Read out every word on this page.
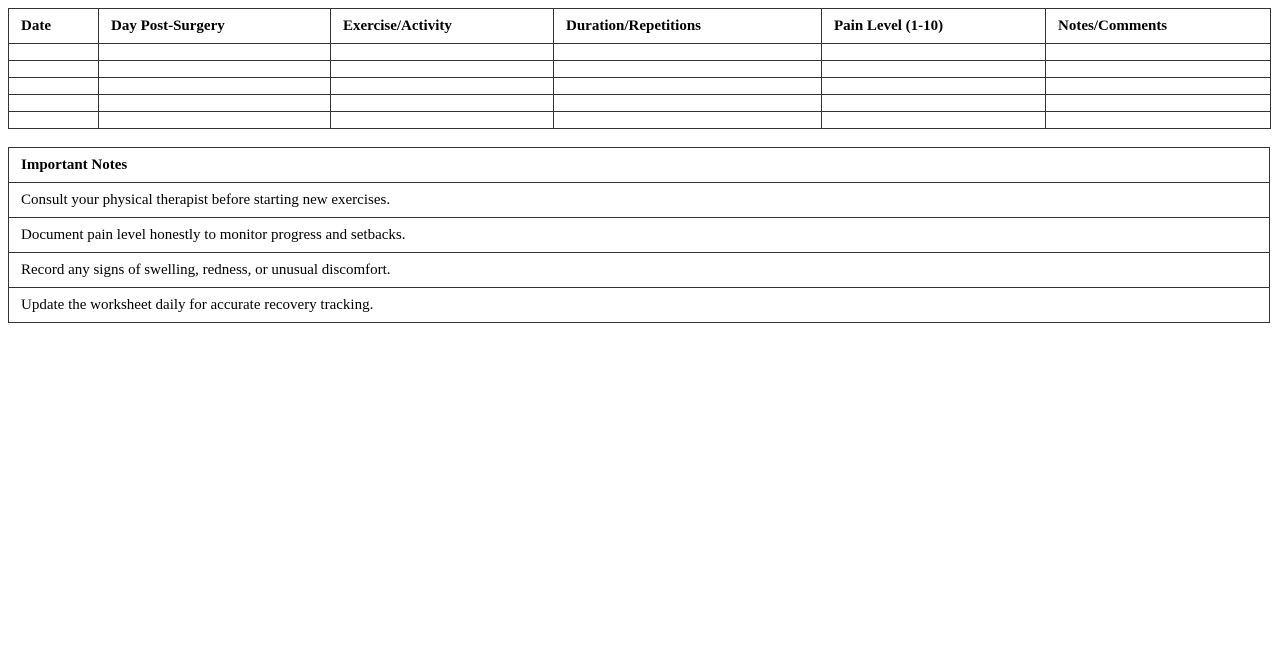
Date	Day Post-Surgery	Exercise/Activity	Duration/Repetitions	Pain Level (1-10)	Notes/Comments

Important Notes
Consult your physical therapist before starting new exercises.
Document pain level honestly to monitor progress and setbacks.
Record any signs of swelling, redness, or unusual discomfort.
Update the worksheet daily for accurate recovery tracking.
